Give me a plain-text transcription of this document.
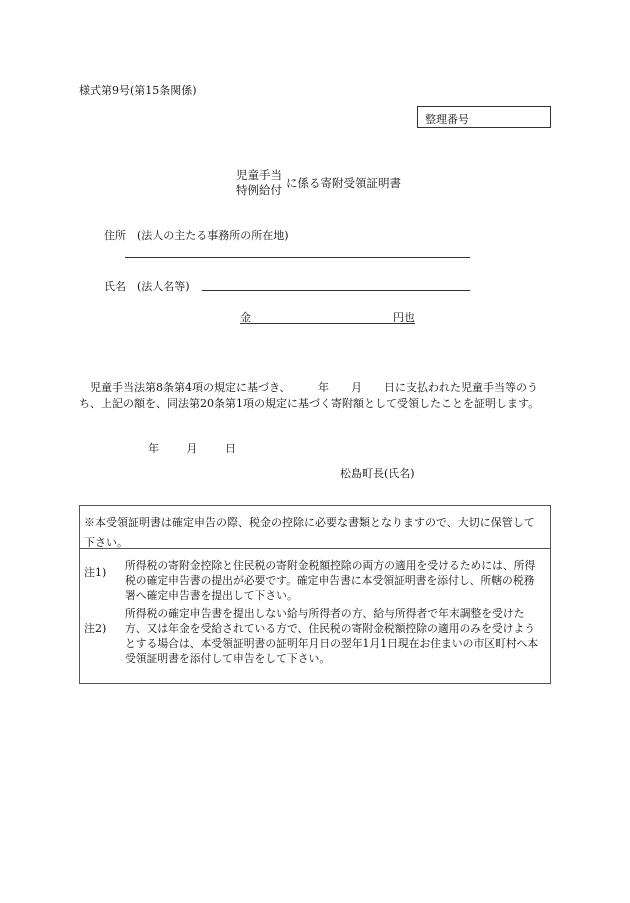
様式第9号(第15条関係)
整理番号
児童手当
特例給付 に係る寄附受領証明書
住所 (法人の主たる事務所の所在地)
氏名 (法人名等)
金	円也
児童手当法第8条第4項の規定に基づき、　　　年　　月　　日に支払われた児童手当等のうち、上記の額を、同法第20条第1項の規定に基づく寄附額として受領したことを証明します。
年	月	日
松島町長(氏名)
※本受領証明書は確定申告の際、税金の控除に必要な書類となりますので、大切に保管して下さい。
注1)
所得税の寄附金控除と住民税の寄附金税額控除の両方の適用を受けるためには、所得税の確定申告書の提出が必要です。確定申告書に本受領証明書を添付し、所轄の税務署へ確定申告書を提出して下さい。
注2)
所得税の確定申告書を提出しない給与所得者の方、給与所得者で年末調整を受けた方、又は年金を受給されている方で、住民税の寄附金税額控除の適用のみを受けようとする場合は、本受領証明書の証明年月日の翌年1月1日現在お住まいの市区町村へ本受領証明書を添付して申告をして下さい。
